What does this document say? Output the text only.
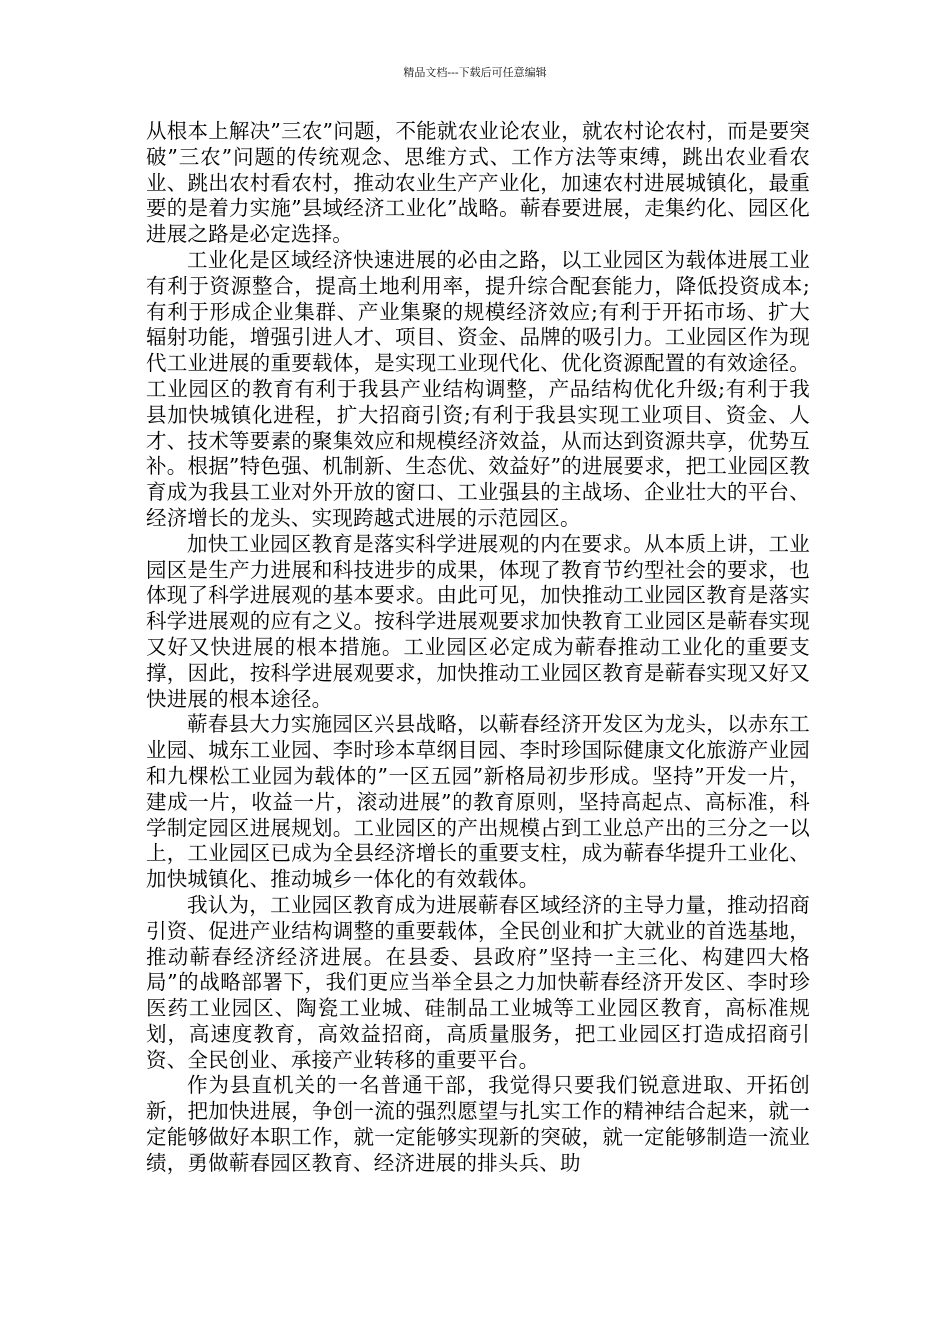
精品文档---下载后可任意编辑

从根本上解决”三农”问题，不能就农业论农业，就农村论农村，而是要突破”三农”问题的传统观念、思维方式、工作方法等束缚，跳出农业看农业、跳出农村看农村，推动农业生产产业化，加速农村进展城镇化，最重要的是着力实施”县域经济工业化”战略。蕲春要进展，走集约化、园区化进展之路是必定选择。

工业化是区域经济快速进展的必由之路，以工业园区为载体进展工业有利于资源整合，提高土地利用率，提升综合配套能力，降低投资成本;有利于形成企业集群、产业集聚的规模经济效应;有利于开拓市场、扩大辐射功能，增强引进人才、项目、资金、品牌的吸引力。工业园区作为现代工业进展的重要载体，是实现工业现代化、优化资源配置的有效途径。工业园区的教育有利于我县产业结构调整，产品结构优化升级;有利于我县加快城镇化进程，扩大招商引资;有利于我县实现工业项目、资金、人才、技术等要素的聚集效应和规模经济效益，从而达到资源共享，优势互补。根据”特色强、机制新、生态优、效益好”的进展要求，把工业园区教育成为我县工业对外开放的窗口、工业强县的主战场、企业壮大的平台、经济增长的龙头、实现跨越式进展的示范园区。

加快工业园区教育是落实科学进展观的内在要求。从本质上讲，工业园区是生产力进展和科技进步的成果，体现了教育节约型社会的要求，也体现了科学进展观的基本要求。由此可见，加快推动工业园区教育是落实科学进展观的应有之义。按科学进展观要求加快教育工业园区是蕲春实现又好又快进展的根本措施。工业园区必定成为蕲春推动工业化的重要支撑，因此，按科学进展观要求，加快推动工业园区教育是蕲春实现又好又快进展的根本途径。

蕲春县大力实施园区兴县战略，以蕲春经济开发区为龙头，以赤东工业园、城东工业园、李时珍本草纲目园、李时珍国际健康文化旅游产业园和九棵松工业园为载体的”一区五园”新格局初步形成。坚持”开发一片，建成一片，收益一片，滚动进展”的教育原则，坚持高起点、高标准，科学制定园区进展规划。工业园区的产出规模占到工业总产出的三分之一以上，工业园区已成为全县经济增长的重要支柱，成为蕲春华提升工业化、加快城镇化、推动城乡一体化的有效载体。

我认为，工业园区教育成为进展蕲春区域经济的主导力量，推动招商引资、促进产业结构调整的重要载体，全民创业和扩大就业的首选基地，推动蕲春经济经济进展。在县委、县政府”坚持一主三化、构建四大格局”的战略部署下，我们更应当举全县之力加快蕲春经济开发区、李时珍医药工业园区、陶瓷工业城、硅制品工业城等工业园区教育，高标准规划，高速度教育，高效益招商，高质量服务，把工业园区打造成招商引资、全民创业、承接产业转移的重要平台。

作为县直机关的一名普通干部，我觉得只要我们锐意进取、开拓创新，把加快进展，争创一流的强烈愿望与扎实工作的精神结合起来，就一定能够做好本职工作，就一定能够实现新的突破，就一定能够制造一流业绩，勇做蕲春园区教育、经济进展的排头兵、助
